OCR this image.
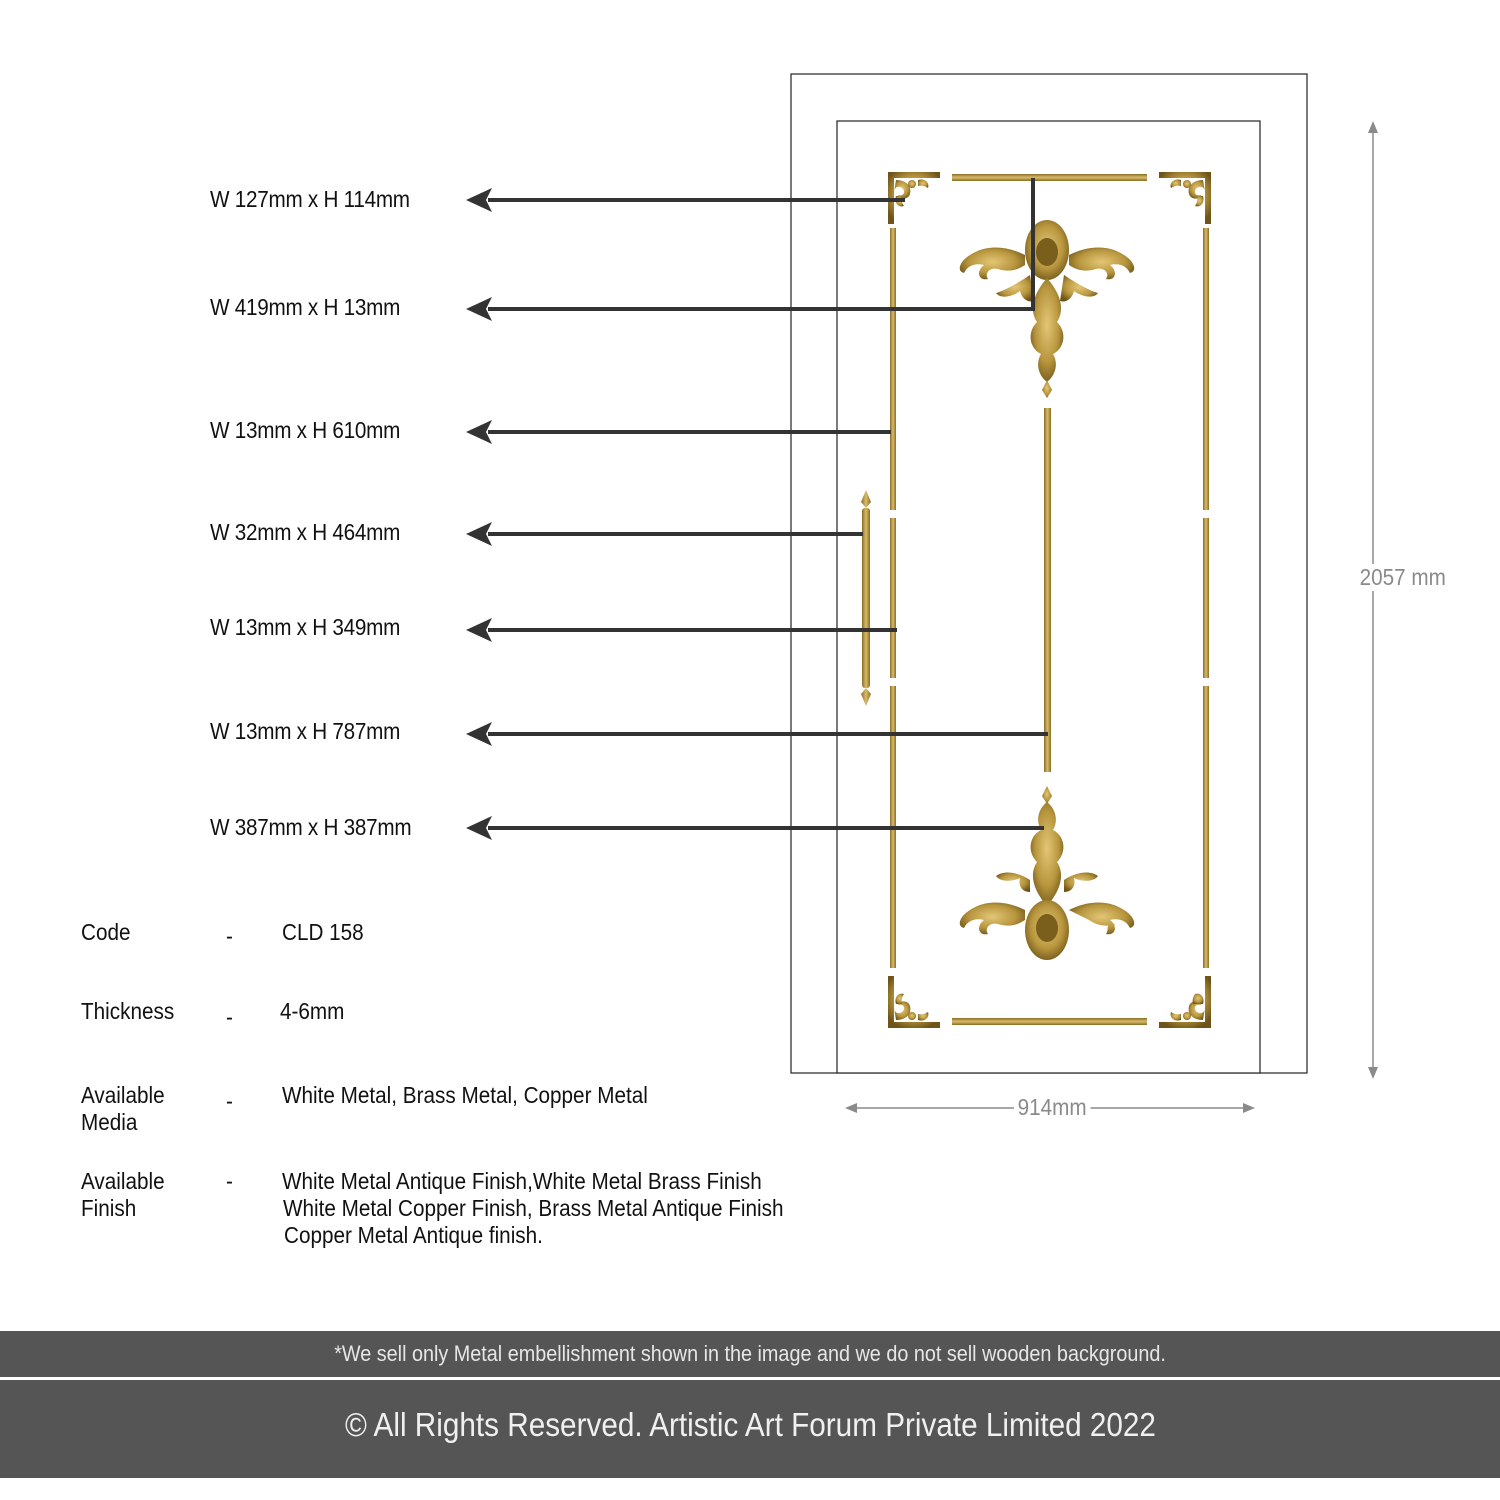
W 127mm x H 114mm
W 419mm x H 13mm
W 13mm x H 610mm
W 32mm x H 464mm
W 13mm x H 349mm
W 13mm x H 787mm
W 387mm x H 387mm
2057 mm
914mm
Code	- CLD 158
Thickness - 4-6mm
Available
Media
- White Metal, Brass Metal, Copper Metal
Available
Finish
- White Metal Antique Finish,White Metal Brass Finish
White Metal Copper Finish, Brass Metal Antique Finish
Copper Metal Antique finish.
*We sell only Metal embellishment shown in the image and we do not sell wooden background.
© All Rights Reserved. Artistic Art Forum Private Limited 2022
